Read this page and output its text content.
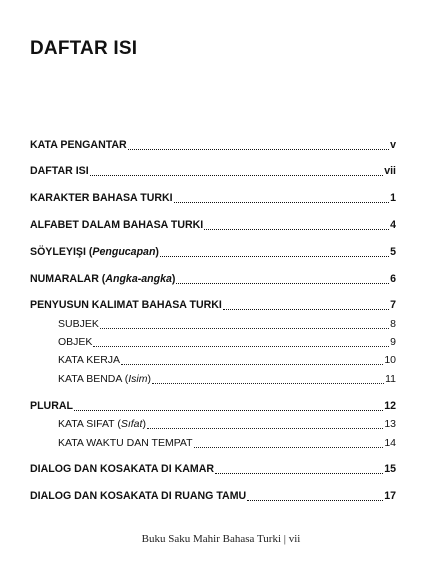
DAFTAR ISI
KATA PENGANTAR	v
DAFTAR ISI	vii
KARAKTER BAHASA TURKI	1
ALFABET DALAM BAHASA TURKI	4
SÖYLEYIŞI (Pengucapan)	5
NUMARALAR (Angka-angka)	6
PENYUSUN KALIMAT BAHASA TURKI	7
SUBJEK	8
OBJEK	9
KATA KERJA	10
KATA BENDA (Isim)	11
PLURAL	12
KATA SIFAT (Sıfat)	13
KATA WAKTU DAN TEMPAT	14
DIALOG DAN KOSAKATA DI KAMAR	15
DIALOG DAN KOSAKATA DI RUANG TAMU	17
Buku Saku Mahir Bahasa Turki | vii
